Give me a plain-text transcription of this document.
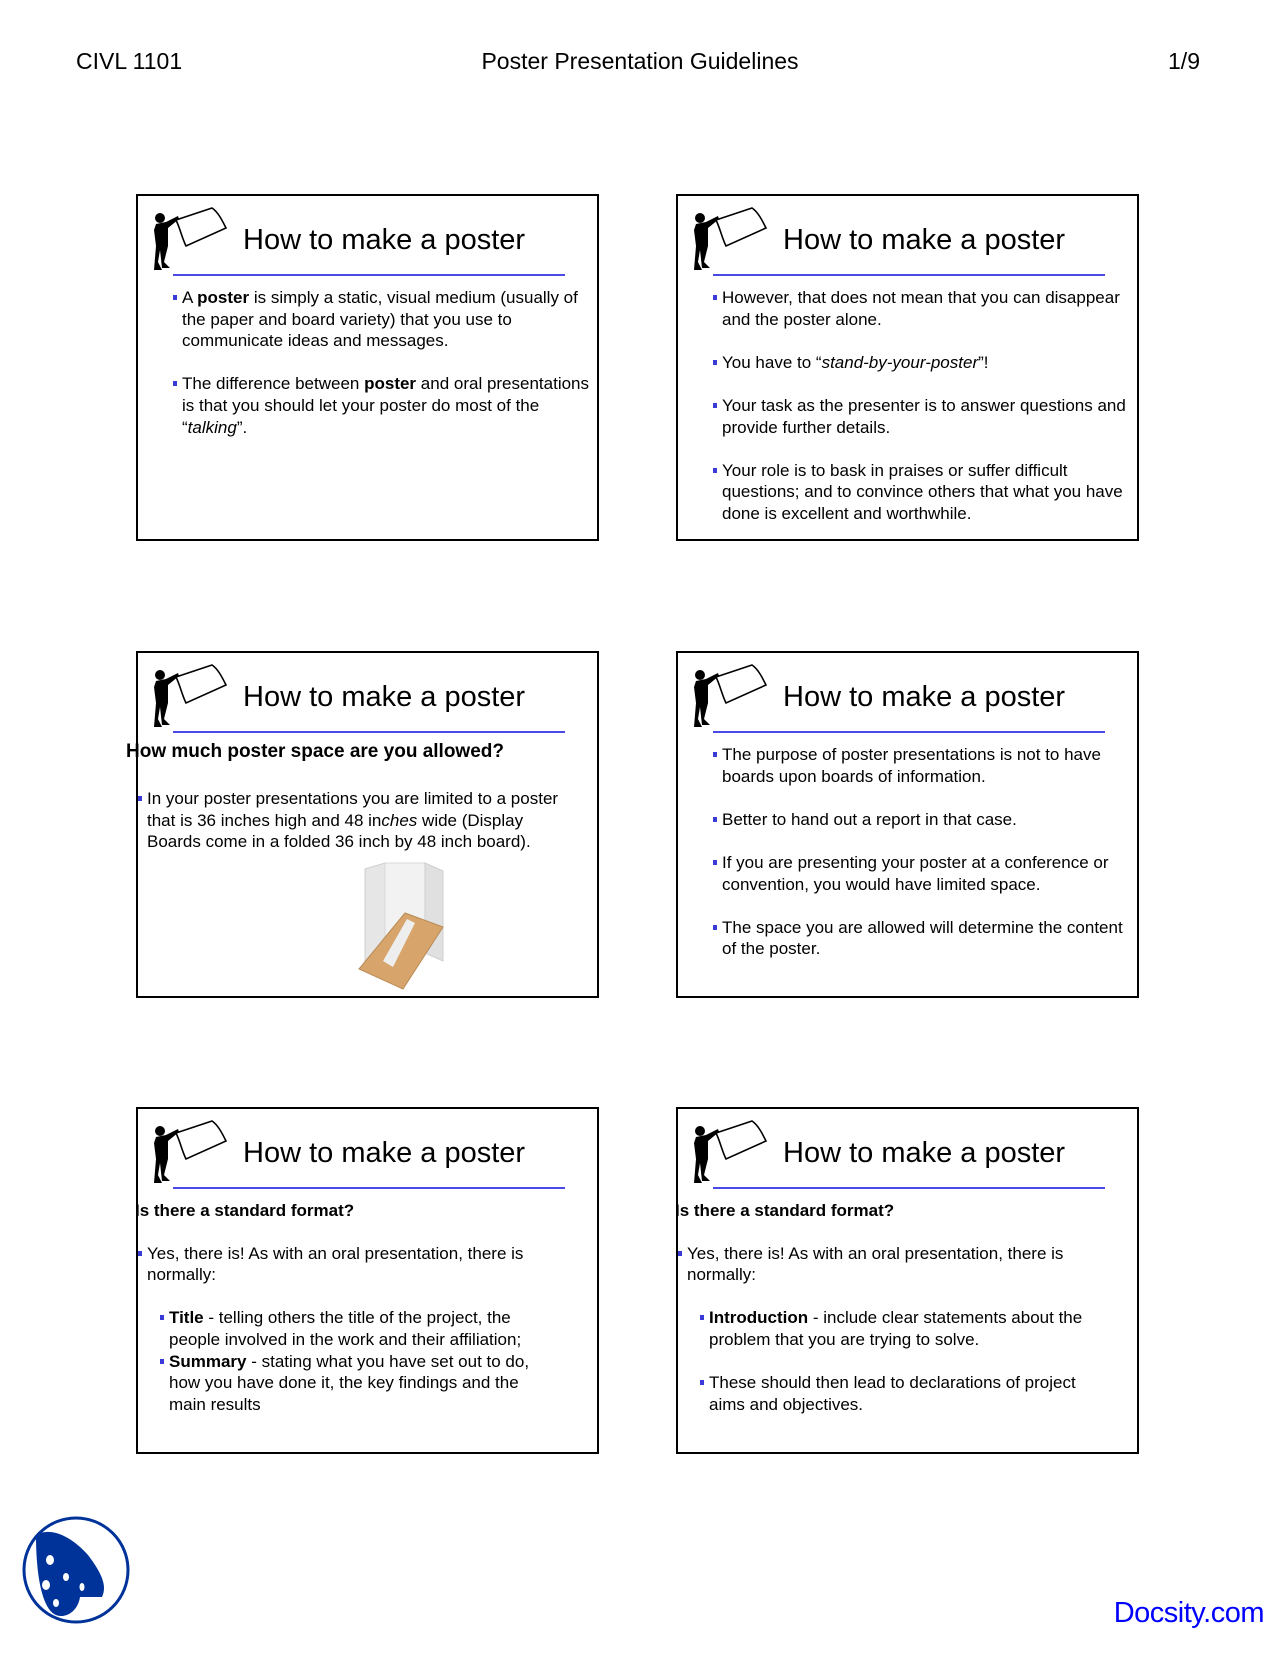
CIVL 1101	Poster Presentation Guidelines	1/9
How to make a poster
A poster is simply a static, visual medium (usually of the paper and board variety) that you use to communicate ideas and messages.
The difference between poster and oral presentations is that you should let your poster do most of the “talking”.
How to make a poster
However, that does not mean that you can disappear and the poster alone.
You have to “stand-by-your-poster”!
Your task as the presenter is to answer questions and provide further details.
Your role is to bask in praises or suffer difficult questions; and to convince others that what you have done is excellent and worthwhile.
How to make a poster
How much poster space are you allowed?
In your poster presentations you are limited to a poster that is 36 inches high and 48 inches wide (Display Boards come in a folded 36 inch by 48 inch board).
How to make a poster
The purpose of poster presentations is not to have boards upon boards of information.
Better to hand out a report in that case.
If you are presenting your poster at a conference or convention, you would have limited space.
The space you are allowed will determine the content of the poster.
How to make a poster
Is there a standard format?
Yes, there is! As with an oral presentation, there is normally:
Title - telling others the title of the project, the people involved in the work and their affiliation;
Summary - stating what you have set out to do, how you have done it, the key findings and the main results
How to make a poster
Is there a standard format?
Yes, there is! As with an oral presentation, there is normally:
Introduction - include clear statements about the problem that you are trying to solve.
These should then lead to declarations of project aims and objectives.
Docsity.com
